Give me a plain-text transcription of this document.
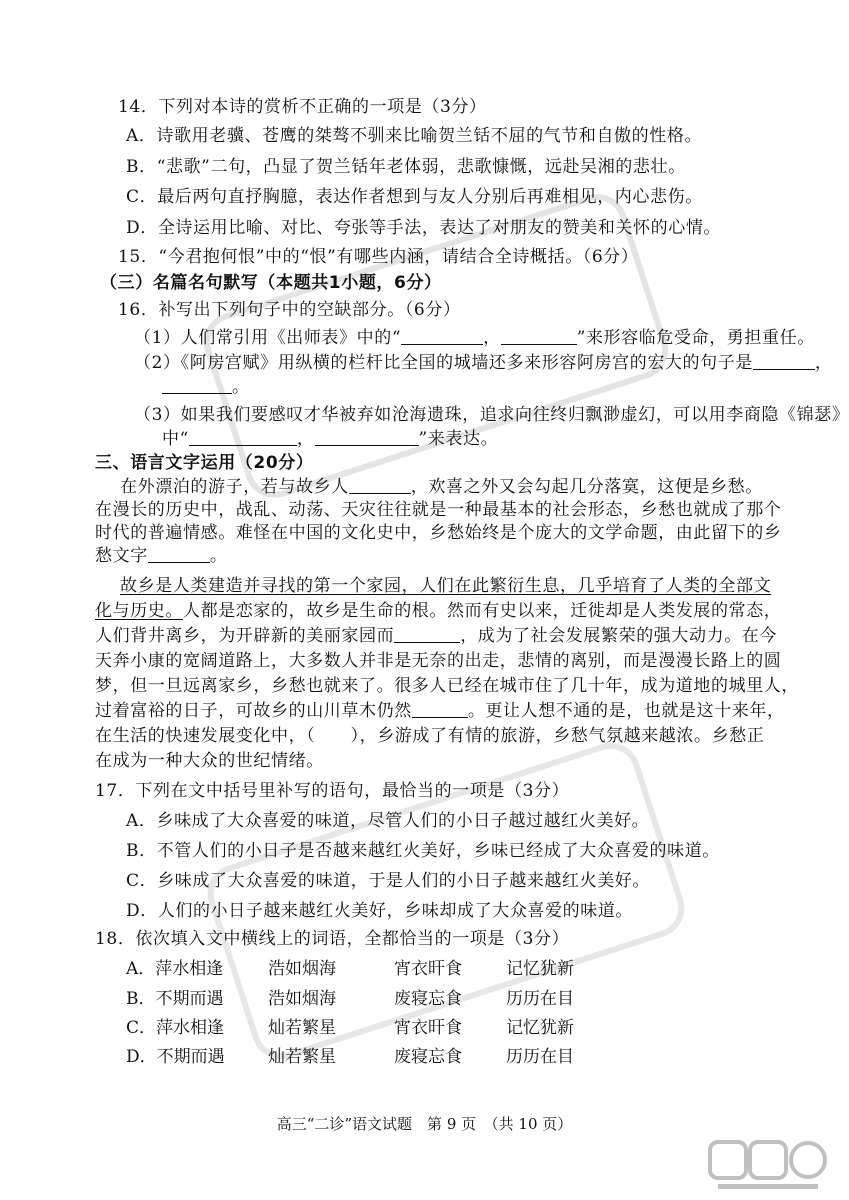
14．下列对本诗的赏析不正确的一项是（3分）
A．诗歌用老骥、苍鹰的桀骜不驯来比喻贺兰铦不屈的气节和自傲的性格。
B．“悲歌”二句，凸显了贺兰铦年老体弱，悲歌慷慨，远赴吴湘的悲壮。
C．最后两句直抒胸臆，表达作者想到与友人分别后再难相见，内心悲伤。
D．全诗运用比喻、对比、夸张等手法，表达了对朋友的赞美和关怀的心情。
15．“今君抱何恨”中的“恨”有哪些内涵，请结合全诗概括。（6分）
（三）名篇名句默写（本题共1小题，6分）
16．补写出下列句子中的空缺部分。（6分）
（1）人们常引用《出师表》中的“	，	”来形容临危受命，勇担重任。
（2）《阿房宫赋》用纵横的栏杆比全国的城墙还多来形容阿房宫的宏大的句子是	，
。
（3）如果我们要感叹才华被弃如沧海遗珠，追求向往终归飘渺虚幻，可以用李商隐《锦瑟》
中“	，	”来表达。
三、语言文字运用（20分）
在外漂泊的游子，若与故乡人	，欢喜之外又会勾起几分落寞，这便是乡愁。
在漫长的历史中，战乱、动荡、天灾往往就是一种最基本的社会形态，乡愁也就成了那个
时代的普遍情感。难怪在中国的文化史中，乡愁始终是个庞大的文学命题，由此留下的乡
愁文字	。
故乡是人类建造并寻找的第一个家园，人们在此繁衍生息，几乎培育了人类的全部文
化与历史。人都是恋家的，故乡是生命的根。然而有史以来，迁徙却是人类发展的常态，
人们背井离乡，为开辟新的美丽家园而	，成为了社会发展繁荣的强大动力。在今
天奔小康的宽阔道路上，大多数人并非是无奈的出走，悲情的离别，而是漫漫长路上的圆
梦，但一旦远离家乡，乡愁也就来了。很多人已经在城市住了几十年，成为道地的城里人，
过着富裕的日子，可故乡的山川草木仍然	。更让人想不通的是，也就是这十来年，
在生活的快速发展变化中，（　　），乡游成了有情的旅游，乡愁气氛越来越浓。乡愁正
在成为一种大众的世纪情绪。
17．下列在文中括号里补写的语句，最恰当的一项是（3分）
A．乡味成了大众喜爱的味道，尽管人们的小日子越过越红火美好。
B．不管人们的小日子是否越来越红火美好，乡味已经成了大众喜爱的味道。
C．乡味成了大众喜爱的味道，于是人们的小日子越来越红火美好。
D．人们的小日子越来越红火美好，乡味却成了大众喜爱的味道。
18．依次填入文中横线上的词语，全都恰当的一项是（3分）
A．萍水相逢	浩如烟海	宵衣旰食	记忆犹新
B．不期而遇	浩如烟海	废寝忘食	历历在目
C．萍水相逢	灿若繁星	宵衣旰食	记忆犹新
D．不期而遇	灿若繁星	废寝忘食	历历在目
高三“二诊”语文试题　第 9 页　（共 10 页）
